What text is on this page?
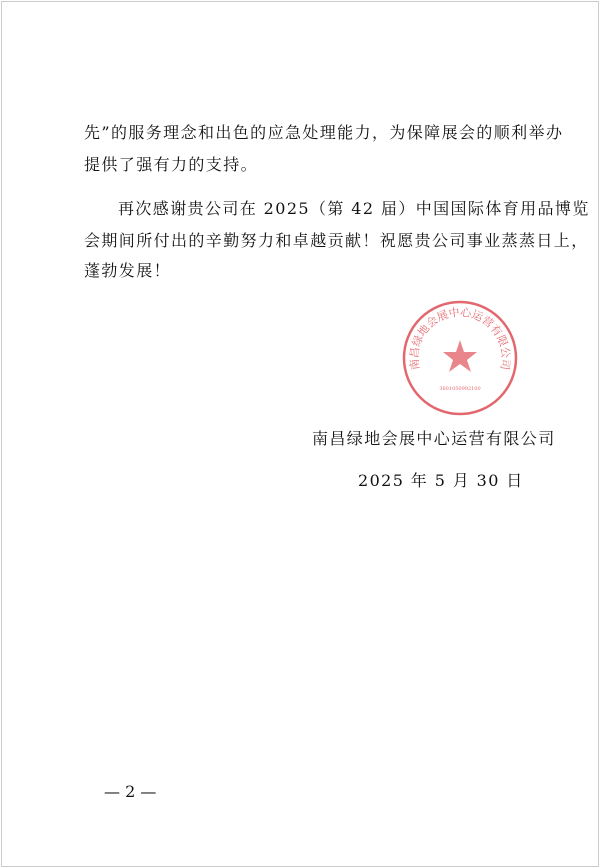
先”的服务理念和出色的应急处理能力，为保障展会的顺利举办
提供了强有力的支持。
再次感谢贵公司在 2025（第 42 届）中国国际体育用品博览
会期间所付出的辛勤努力和卓越贡献！祝愿贵公司事业蒸蒸日上，
蓬勃发展！
南昌绿地会展中心运营有限公司
3601050992100
南昌绿地会展中心运营有限公司
2025 年 5 月 30 日
— 2 —
